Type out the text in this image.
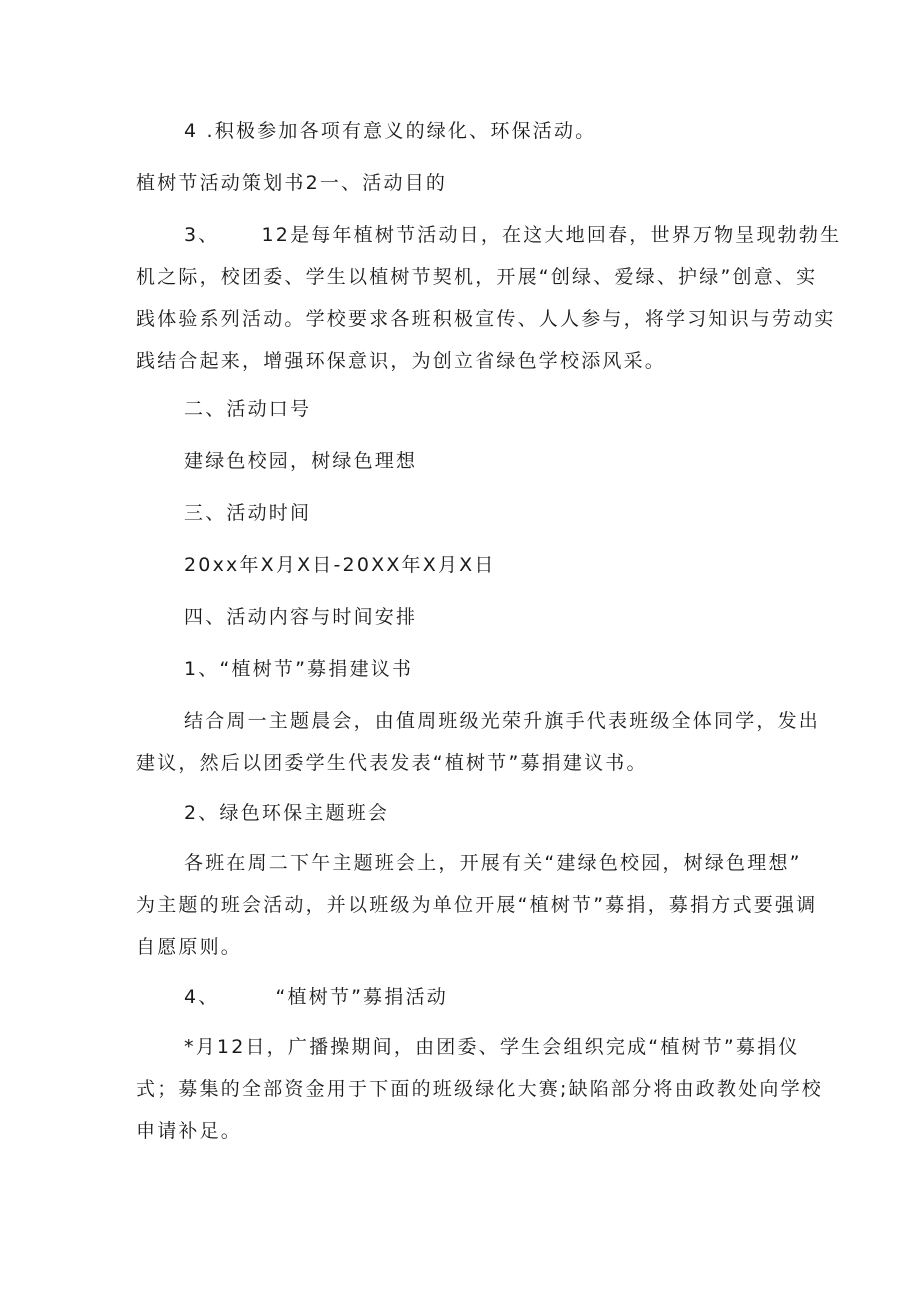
4 .积极参加各项有意义的绿化、环保活动。
植树节活动策划书2一、活动目的
3、 12是每年植树节活动日，在这大地回春，世界万物呈现勃勃生
机之际，校团委、学生以植树节契机，开展“创绿、爱绿、护绿”创意、实
践体验系列活动。学校要求各班积极宣传、人人参与，将学习知识与劳动实
践结合起来，增强环保意识，为创立省绿色学校添风采。
二、活动口号
建绿色校园，树绿色理想
三、活动时间
20xx年X月X日-20XX年X月X日
四、活动内容与时间安排
1、“植树节”募捐建议书
结合周一主题晨会，由值周班级光荣升旗手代表班级全体同学，发出
建议，然后以团委学生代表发表“植树节”募捐建议书。
2、绿色环保主题班会
各班在周二下午主题班会上，开展有关“建绿色校园，树绿色理想”
为主题的班会活动，并以班级为单位开展“植树节”募捐，募捐方式要强调
自愿原则。
4、	“植树节”募捐活动
*月12日，广播操期间，由团委、学生会组织完成“植树节”募捐仪
式；募集的全部资金用于下面的班级绿化大赛;缺陷部分将由政教处向学校
申请补足。
